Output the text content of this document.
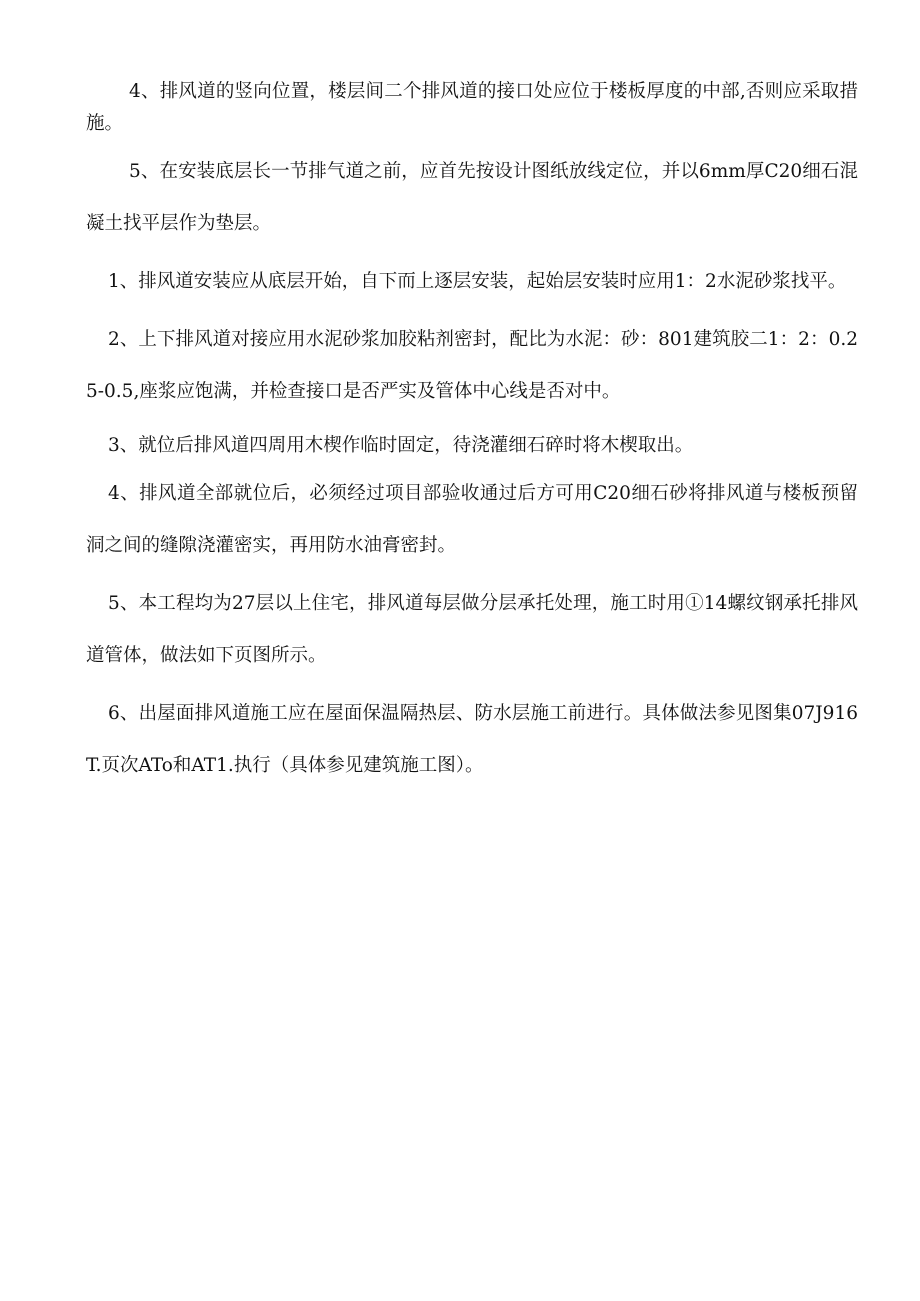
4、排风道的竖向位置，楼层间二个排风道的接口处应位于楼板厚度的中部,否则应采取措施。

5、在安装底层长一节排气道之前，应首先按设计图纸放线定位，并以6mm厚C20细石混凝土找平层作为垫层。

1、排风道安装应从底层开始，自下而上逐层安装，起始层安装时应用1：2水泥砂浆找平。

2、上下排风道对接应用水泥砂浆加胶粘剂密封，配比为水泥：砂：801建筑胶二1：2：0.25-0.5,座浆应饱满，并检查接口是否严实及管体中心线是否对中。

3、就位后排风道四周用木楔作临时固定，待浇灌细石碎时将木楔取出。

4、排风道全部就位后，必须经过项目部验收通过后方可用C20细石砂将排风道与楼板预留洞之间的缝隙浇灌密实，再用防水油膏密封。

5、本工程均为27层以上住宅，排风道每层做分层承托处理，施工时用①14螺纹钢承托排风道管体，做法如下页图所示。

6、出屋面排风道施工应在屋面保温隔热层、防水层施工前进行。具体做法参见图集07J916T.页次ATo和AT1.执行（具体参见建筑施工图）。
